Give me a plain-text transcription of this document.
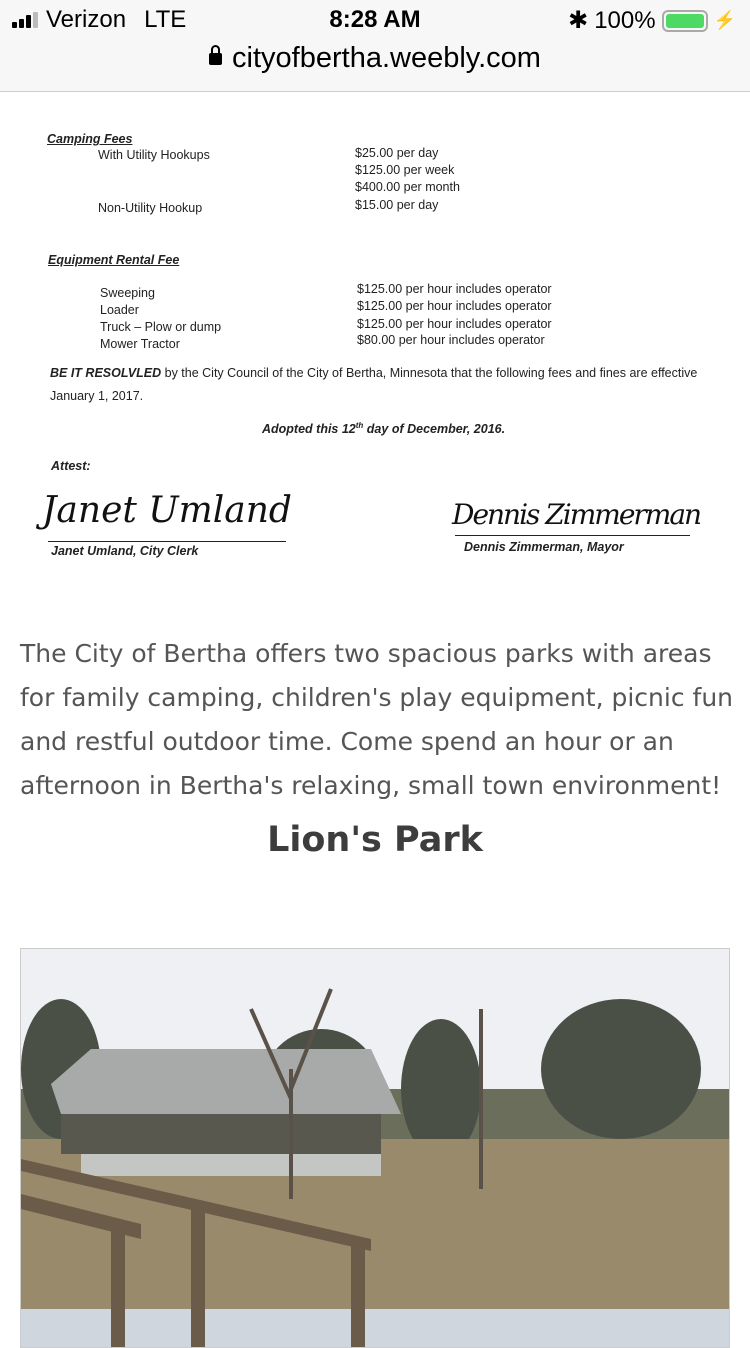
Verizon LTE	8:28 AM	✱ 100%	⚡
cityofbertha.weebly.com
Camping Fees
With Utility Hookups	$25.00 per day
$125.00 per week
$400.00 per month
Non-Utility Hookup	$15.00 per day
Equipment Rental Fee
Sweeping	$125.00 per hour includes operator
Loader	$125.00 per hour includes operator
Truck – Plow or dump	$125.00 per hour includes operator
Mower Tractor	$80.00 per hour includes operator
BE IT RESOLVLED by the City Council of the City of Bertha, Minnesota that the following fees and fines are effective
January 1, 2017.
Adopted this 12th day of December, 2016.
Attest:
Janet Umland
Janet Umland, City Clerk
Dennis Zimmerman
Dennis Zimmerman, Mayor
The City of Bertha offers two spacious parks with areas for family camping, children's play equipment, picnic fun and restful outdoor time. Come spend an hour or an afternoon in Bertha's relaxing, small town environment!
Lion's Park
